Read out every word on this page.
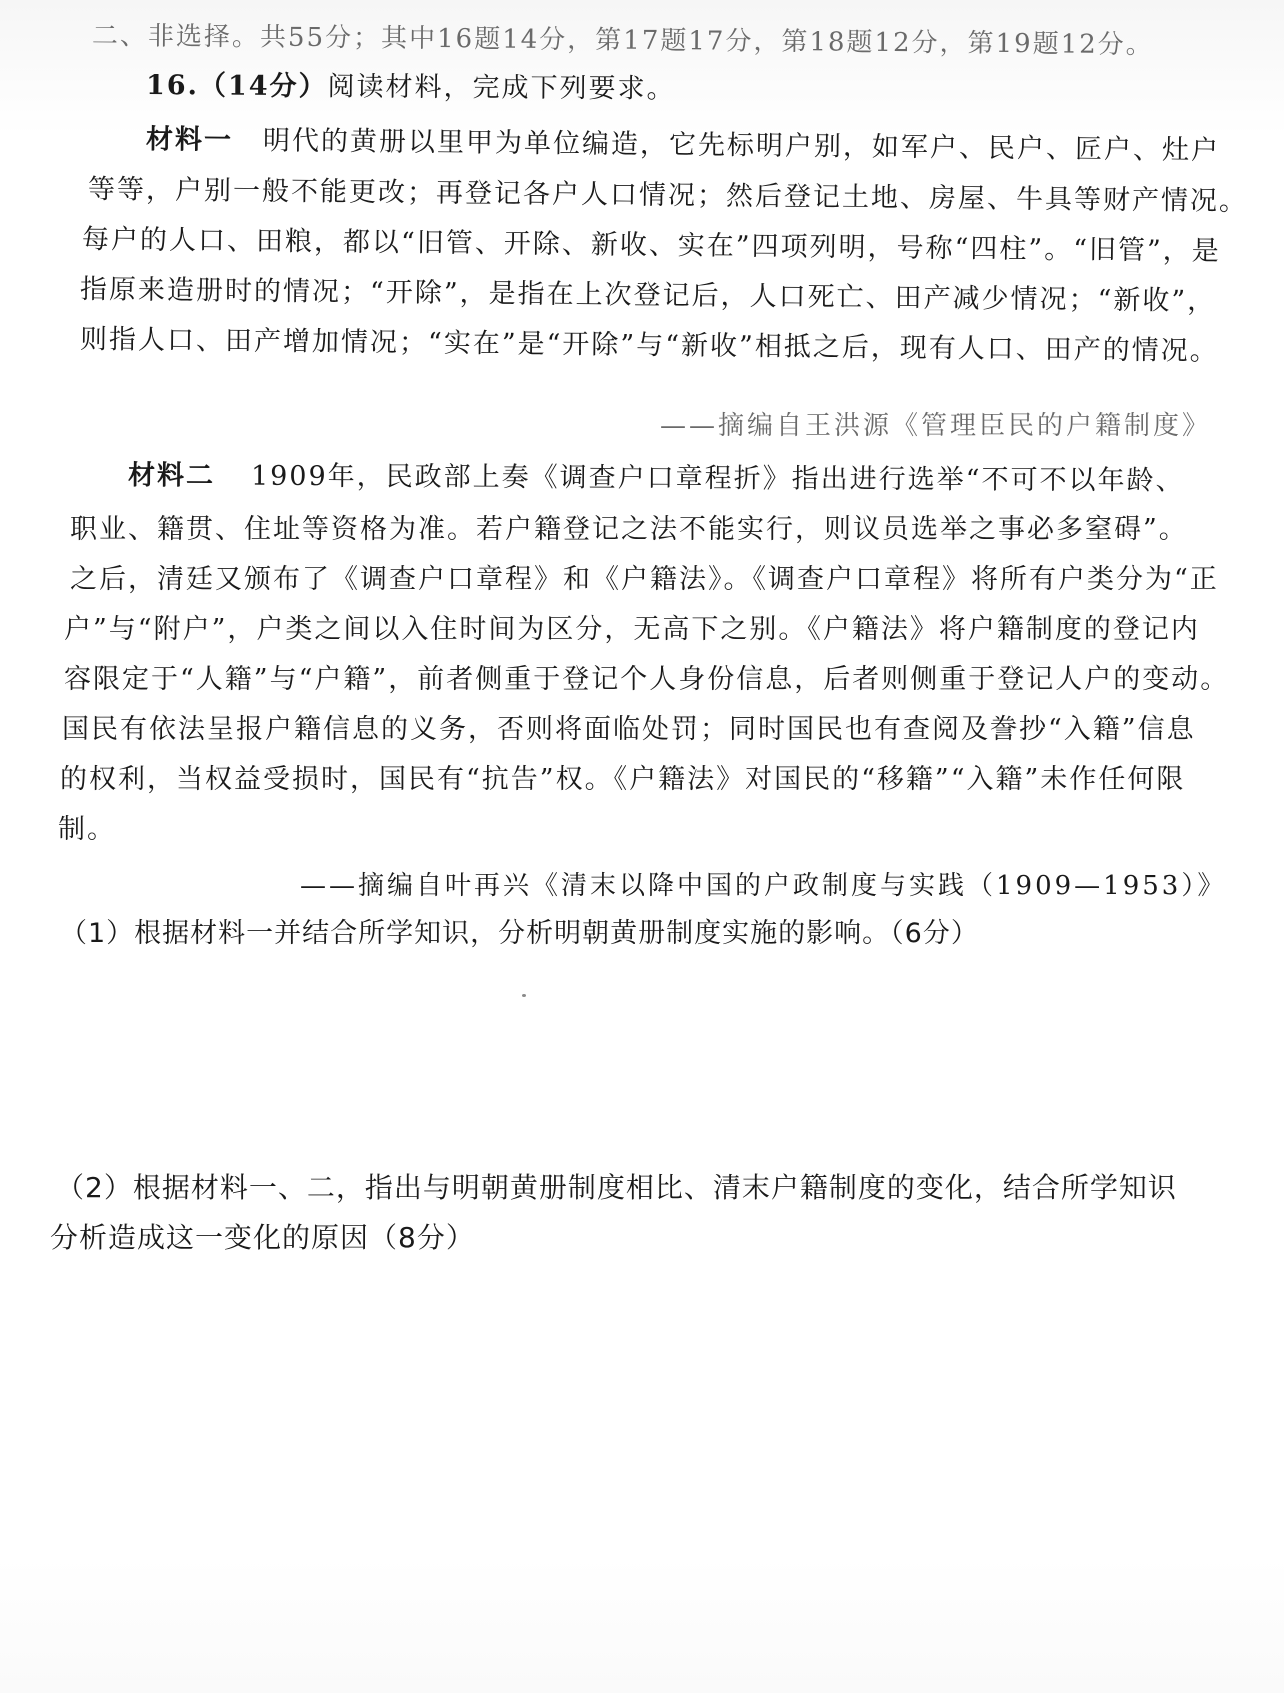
二、非选择。共55分；其中16题14分，第17题17分，第18题12分，第19题12分。
16.（14分）阅读材料，完成下列要求。
材料一 明代的黄册以里甲为单位编造，它先标明户别，如军户、民户、匠户、灶户
等等，户别一般不能更改；再登记各户人口情况；然后登记土地、房屋、牛具等财产情况。
每户的人口、田粮，都以“旧管、开除、新收、实在”四项列明，号称“四柱”。“旧管”，是
指原来造册时的情况；“开除”，是指在上次登记后，人口死亡、田产减少情况；“新收”，
则指人口、田产增加情况；“实在”是“开除”与“新收”相抵之后，现有人口、田产的情况。
——摘编自王洪源《管理臣民的户籍制度》
材料二 1909年，民政部上奏《调查户口章程折》指出进行选举“不可不以年龄、
职业、籍贯、住址等资格为准。若户籍登记之法不能实行，则议员选举之事必多窒碍”。
之后，清廷又颁布了《调查户口章程》和《户籍法》。《调查户口章程》将所有户类分为“正
户”与“附户”，户类之间以入住时间为区分，无高下之别。《户籍法》将户籍制度的登记内
容限定于“人籍”与“户籍”，前者侧重于登记个人身份信息，后者则侧重于登记人户的变动。
国民有依法呈报户籍信息的义务，否则将面临处罚；同时国民也有查阅及誊抄“入籍”信息
的权利，当权益受损时，国民有“抗告”权。《户籍法》对国民的“移籍”“入籍”未作任何限
制。
——摘编自叶再兴《清末以降中国的户政制度与实践（1909—1953）》
（1）根据材料一并结合所学知识，分析明朝黄册制度实施的影响。（6分）
（2）根据材料一、二，指出与明朝黄册制度相比、清末户籍制度的变化，结合所学知识
分析造成这一变化的原因（8分）
